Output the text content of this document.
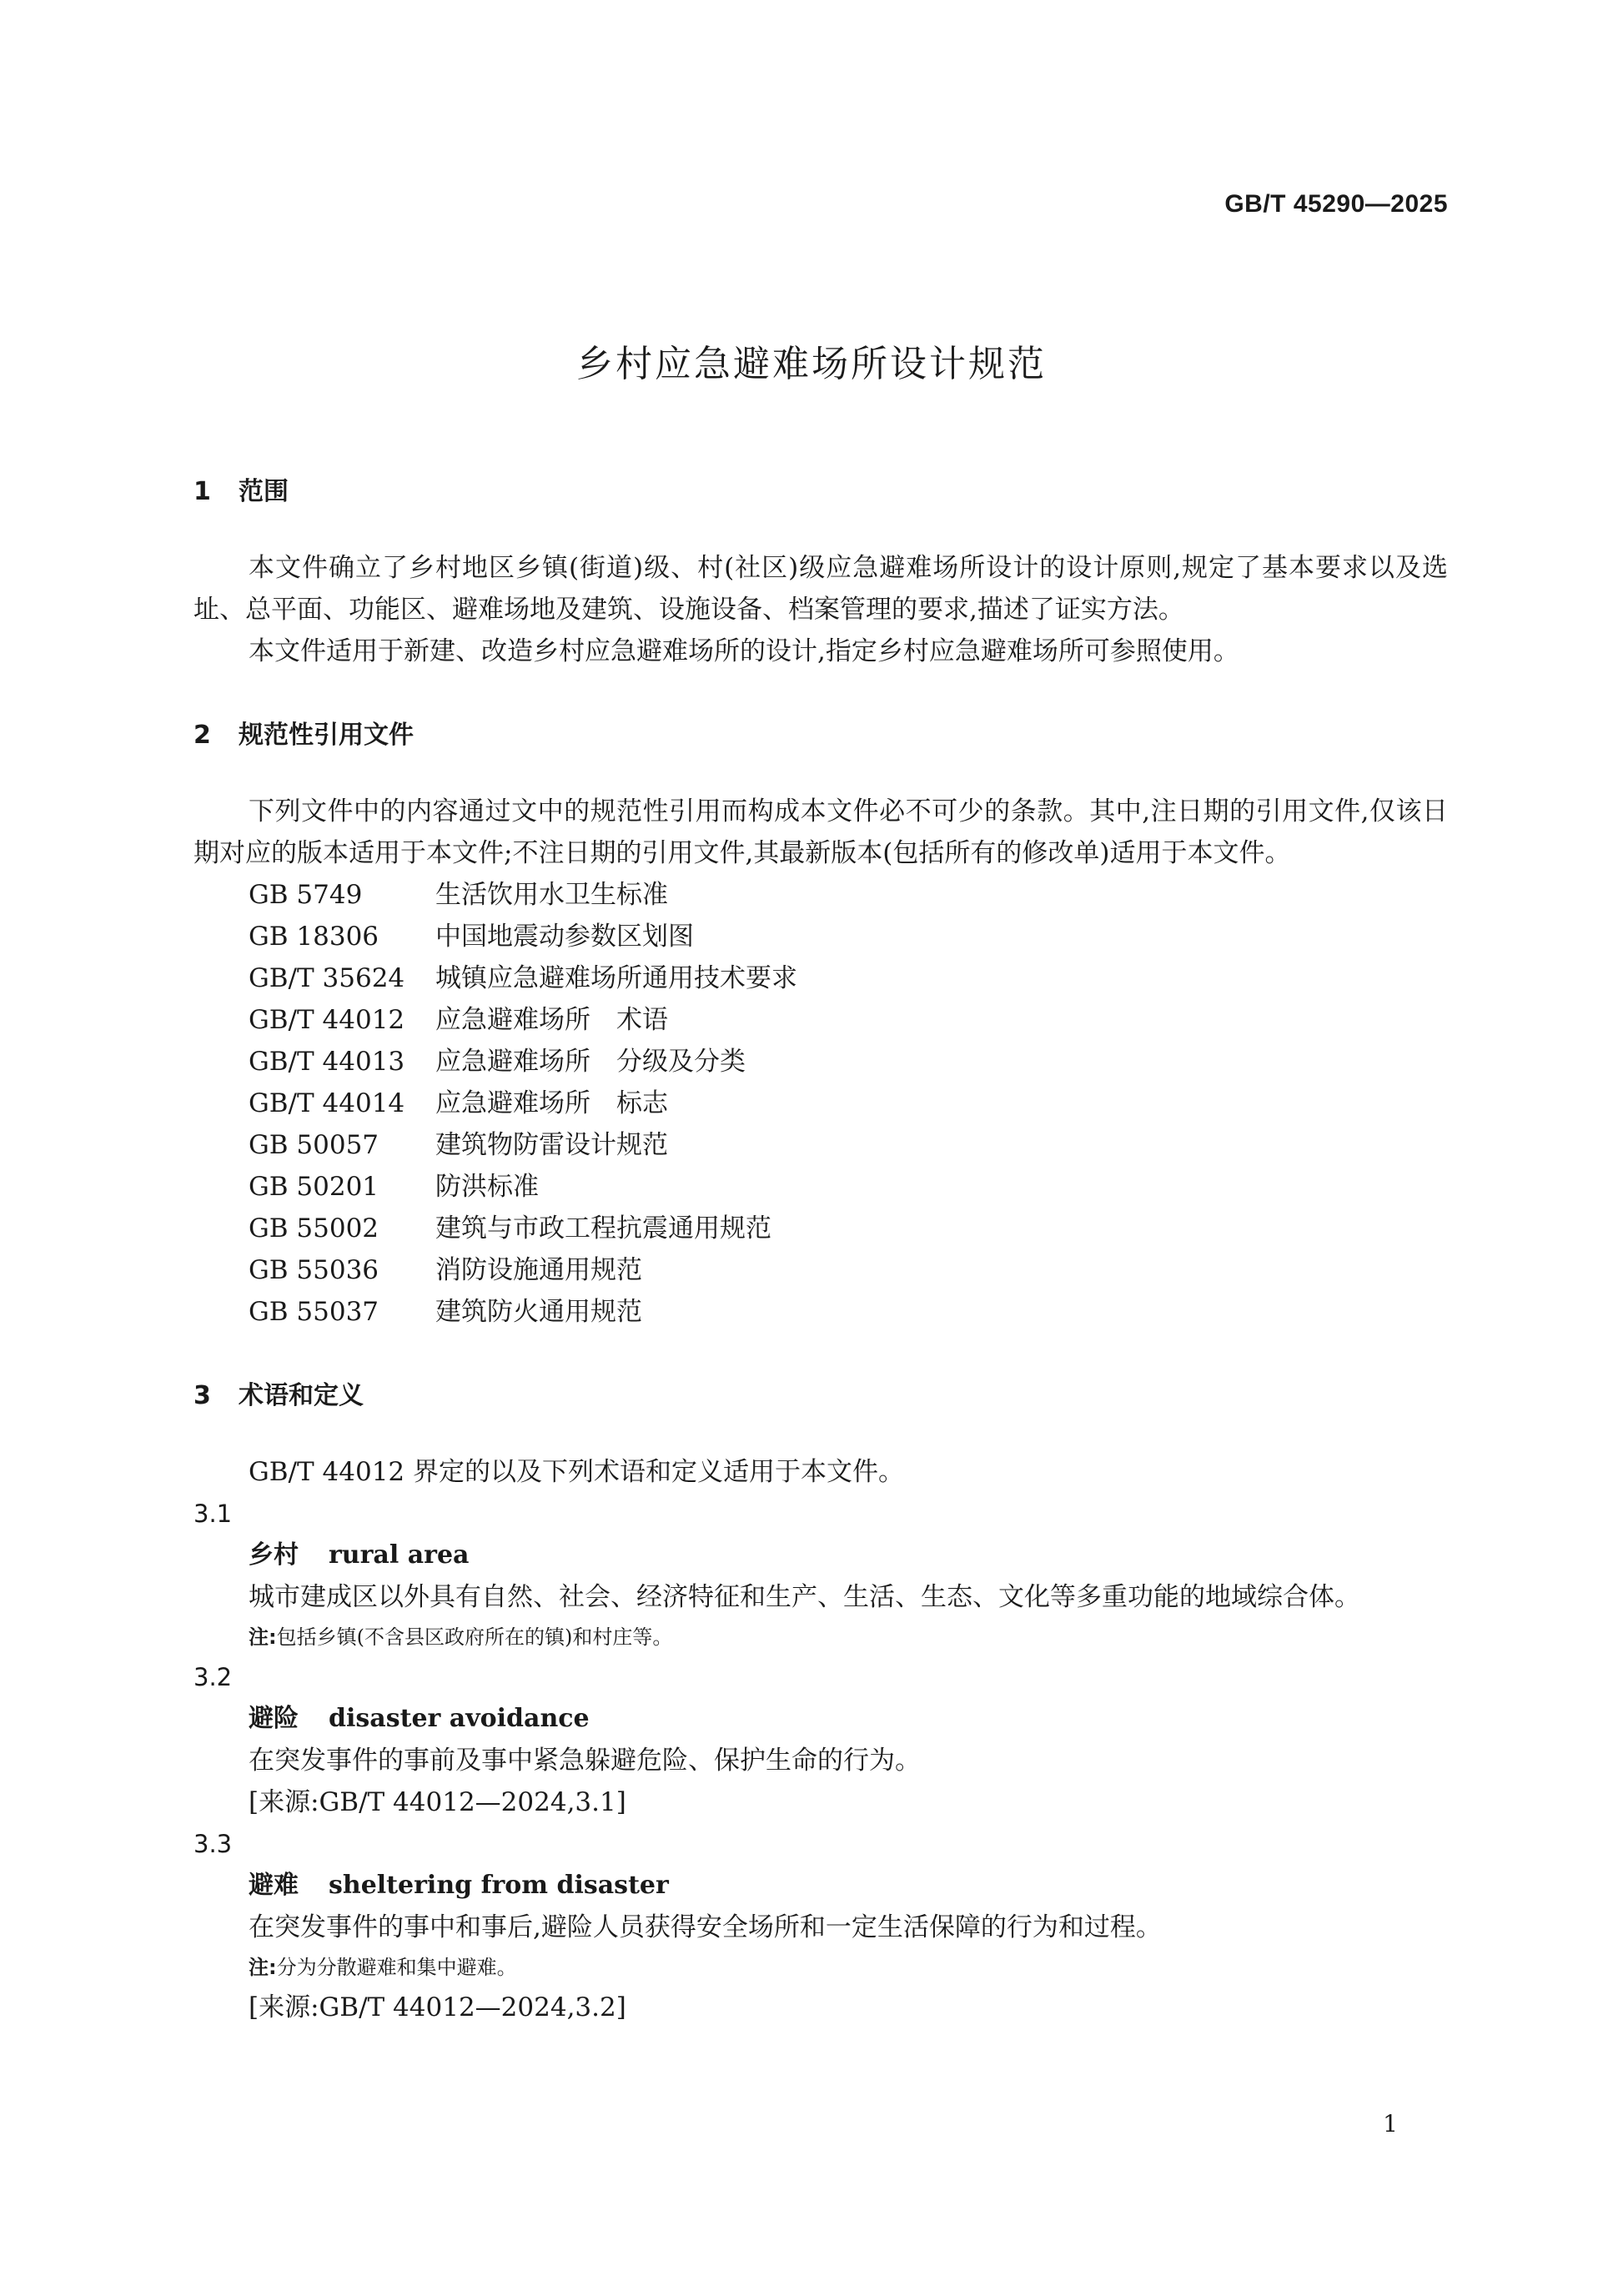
GB/T 45290—2025
乡村应急避难场所设计规范
1 范围

本文件确立了乡村地区乡镇(街道)级、村(社区)级应急避难场所设计的设计原则,规定了基本要求以及选址、总平面、功能区、避难场地及建筑、设施设备、档案管理的要求,描述了证实方法。

本文件适用于新建、改造乡村应急避难场所的设计,指定乡村应急避难场所可参照使用。

2 规范性引用文件

下列文件中的内容通过文中的规范性引用而构成本文件必不可少的条款。其中,注日期的引用文件,仅该日期对应的版本适用于本文件;不注日期的引用文件,其最新版本(包括所有的修改单)适用于本文件。

GB 5749	生活饮用水卫生标准
GB 18306 中国地震动参数区划图
GB/T 35624 城镇应急避难场所通用技术要求
GB/T 44012 应急避难场所　术语
GB/T 44013 应急避难场所　分级及分类
GB/T 44014 应急避难场所　标志
GB 50057 建筑物防雷设计规范
GB 50201 防洪标准
GB 55002 建筑与市政工程抗震通用规范
GB 55036 消防设施通用规范
GB 55037 建筑防火通用规范
3 术语和定义

GB/T 44012 界定的以及下列术语和定义适用于本文件。

3.1
乡村 rural area
城市建成区以外具有自然、社会、经济特征和生产、生活、生态、文化等多重功能的地域综合体。
注:包括乡镇(不含县区政府所在的镇)和村庄等。
3.2
避险 disaster avoidance
在突发事件的事前及事中紧急躲避危险、保护生命的行为。
[来源:GB/T 44012—2024,3.1]
3.3
避难 sheltering from disaster
在突发事件的事中和事后,避险人员获得安全场所和一定生活保障的行为和过程。
注:分为分散避难和集中避难。
[来源:GB/T 44012—2024,3.2]
1
